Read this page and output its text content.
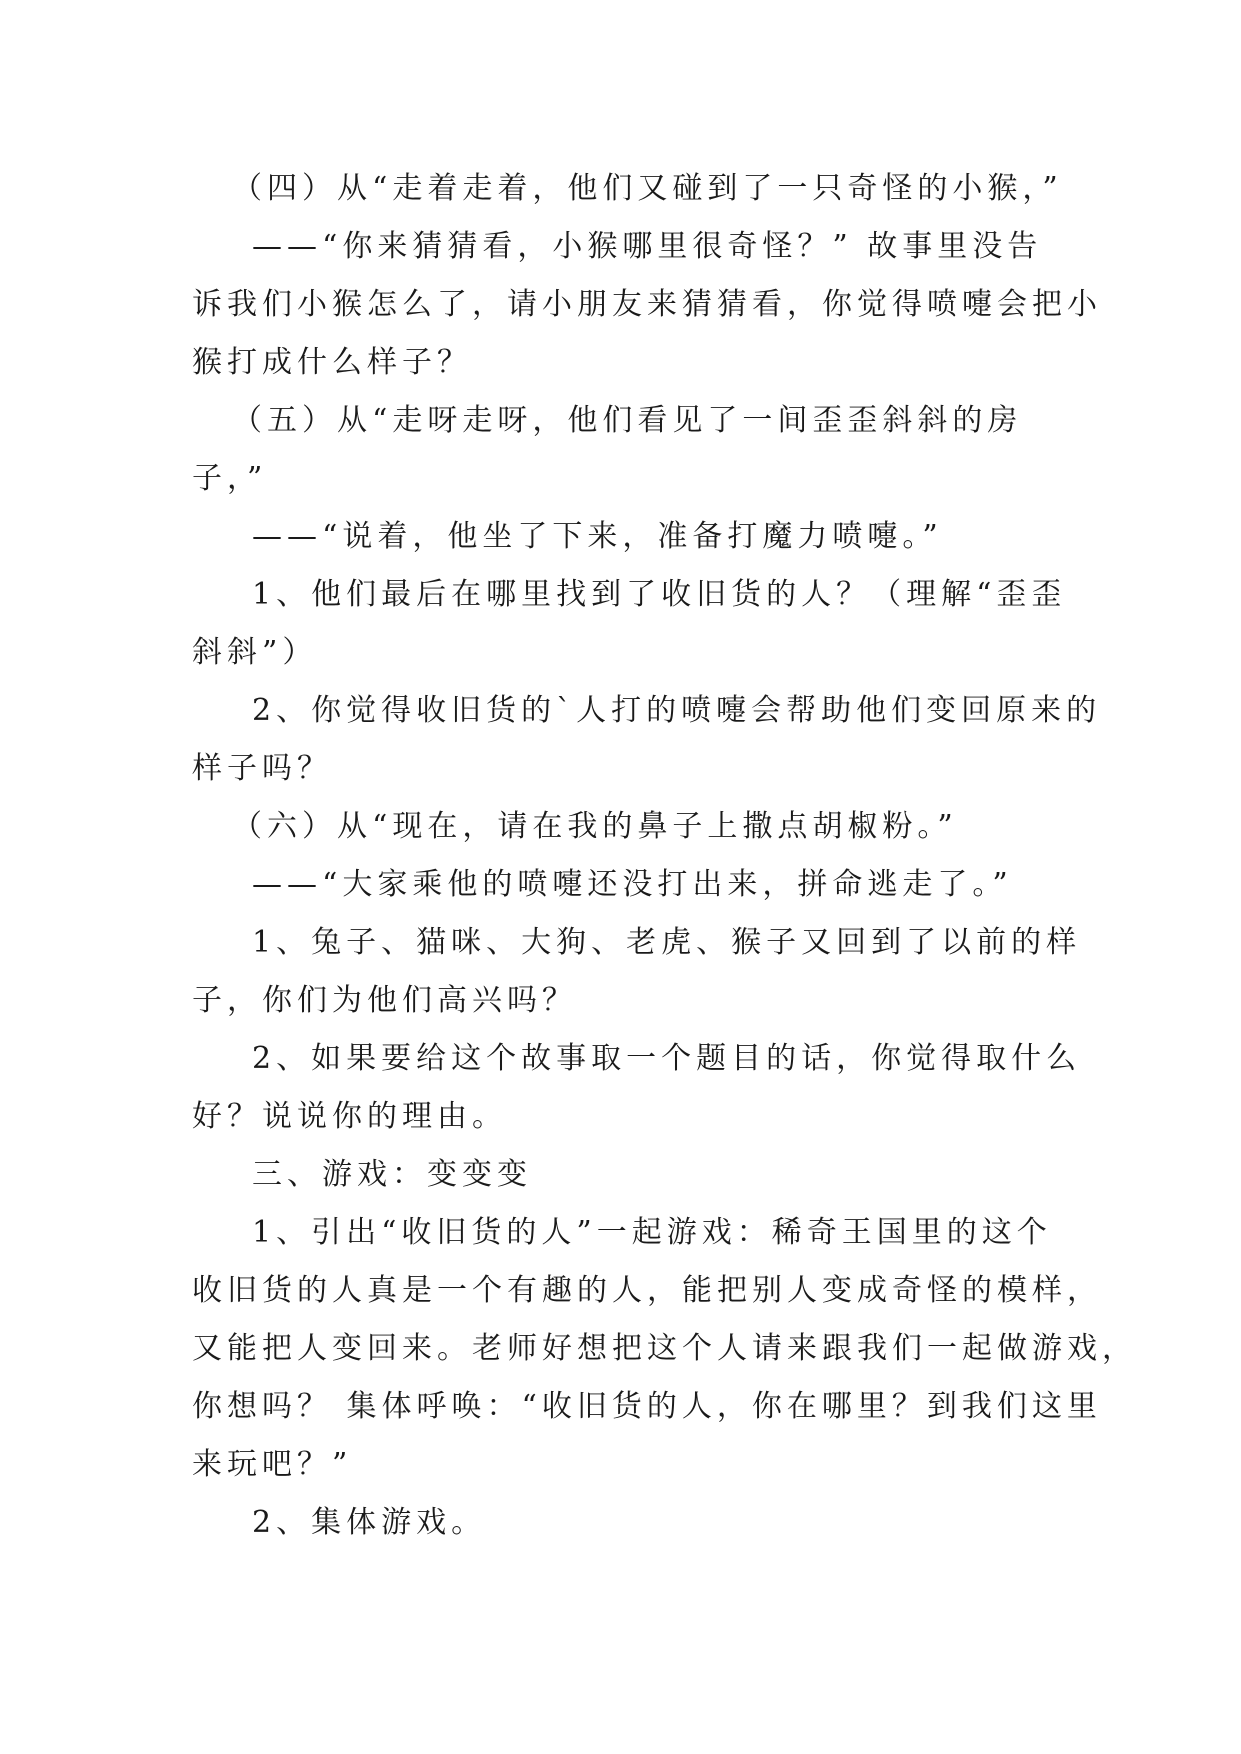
（四）从“走着走着，他们又碰到了一只奇怪的小猴，”
——“你来猜猜看，小猴哪里很奇怪？” 故事里没告
诉我们小猴怎么了，请小朋友来猜猜看，你觉得喷嚏会把小
猴打成什么样子？
（五）从“走呀走呀，他们看见了一间歪歪斜斜的房
子，”
——“说着，他坐了下来，准备打魔力喷嚏。”
1、他们最后在哪里找到了收旧货的人？（理解“歪歪
斜斜”）
2、你觉得收旧货的`人打的喷嚏会帮助他们变回原来的
样子吗？
（六）从“现在，请在我的鼻子上撒点胡椒粉。”
——“大家乘他的喷嚏还没打出来，拼命逃走了。”
1、兔子、猫咪、大狗、老虎、猴子又回到了以前的样
子，你们为他们高兴吗？
2、如果要给这个故事取一个题目的话，你觉得取什么
好？说说你的理由。
三、游戏：变变变
1、引出“收旧货的人”一起游戏：稀奇王国里的这个
收旧货的人真是一个有趣的人，能把别人变成奇怪的模样，
又能把人变回来。老师好想把这个人请来跟我们一起做游戏，
你想吗？ 集体呼唤：“收旧货的人，你在哪里？到我们这里
来玩吧？”
2、集体游戏。
